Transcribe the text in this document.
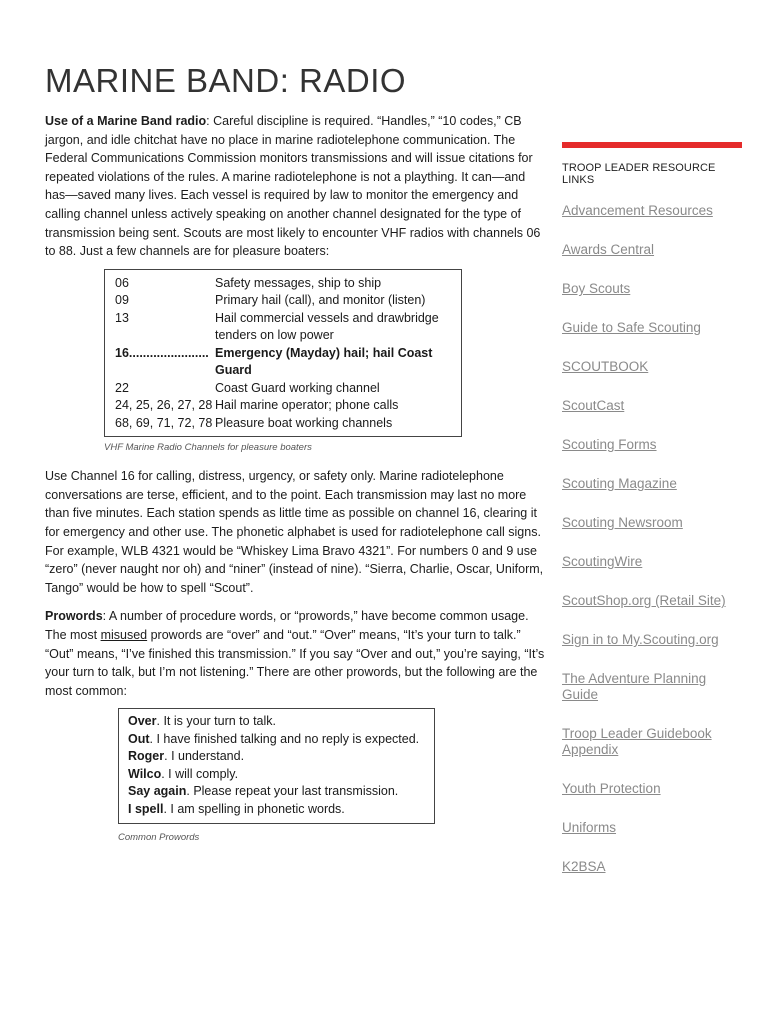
MARINE BAND: RADIO

Use of a Marine Band radio: Careful discipline is required. “Handles,” “10 codes,” CB jargon, and idle chitchat have no place in marine radiotelephone communication. The Federal Communications Commission monitors transmissions and will issue citations for repeated violations of the rules. A marine radiotelephone is not a plaything. It can—and has—saved many lives. Each vessel is required by law to monitor the emergency and calling channel unless actively speaking on another channel designated for the type of transmission being sent. Scouts are most likely to encounter VHF radios with channels 06 to 88. Just a few channels are for pleasure boaters:

06	Safety messages, ship to ship
09	Primary hail (call), and monitor (listen)
13	Hail commercial vessels and drawbridge tenders on low power
16....................... Emergency (Mayday) hail; hail Coast Guard
22	Coast Guard working channel
24, 25, 26, 27, 28 Hail marine operator; phone calls
68, 69, 71, 72, 78 Pleasure boat working channels
VHF Marine Radio Channels for pleasure boaters

Use Channel 16 for calling, distress, urgency, or safety only. Marine radiotelephone conversations are terse, efficient, and to the point. Each transmission may last no more than five minutes. Each station spends as little time as possible on channel 16, clearing it for emergency and other use. The phonetic alphabet is used for radiotelephone call signs. For example, WLB 4321 would be “Whiskey Lima Bravo 4321”. For numbers 0 and 9 use “zero” (never naught nor oh) and “niner” (instead of nine). “Sierra, Charlie, Oscar, Uniform, Tango” would be how to spell “Scout”.

Prowords: A number of procedure words, or “prowords,” have become common usage. The most misused prowords are “over” and “out.” “Over” means, “It’s your turn to talk.” “Out” means, “I’ve finished this transmission.” If you say “Over and out,” you’re saying, “It’s your turn to talk, but I’m not listening.” There are other prowords, but the following are the most common:

Over. It is your turn to talk.
Out. I have finished talking and no reply is expected.
Roger. I understand.
Wilco. I will comply.
Say again. Please repeat your last transmission.
I spell. I am spelling in phonetic words.
Common Prowords
TROOP LEADER RESOURCE LINKS
Advancement Resources
Awards Central
Boy Scouts
Guide to Safe Scouting
SCOUTBOOK
ScoutCast
Scouting Forms
Scouting Magazine
Scouting Newsroom
ScoutingWire
ScoutShop.org (Retail Site)
Sign in to My.Scouting.org
The Adventure Planning Guide
Troop Leader Guidebook Appendix
Youth Protection
Uniforms
K2BSA
